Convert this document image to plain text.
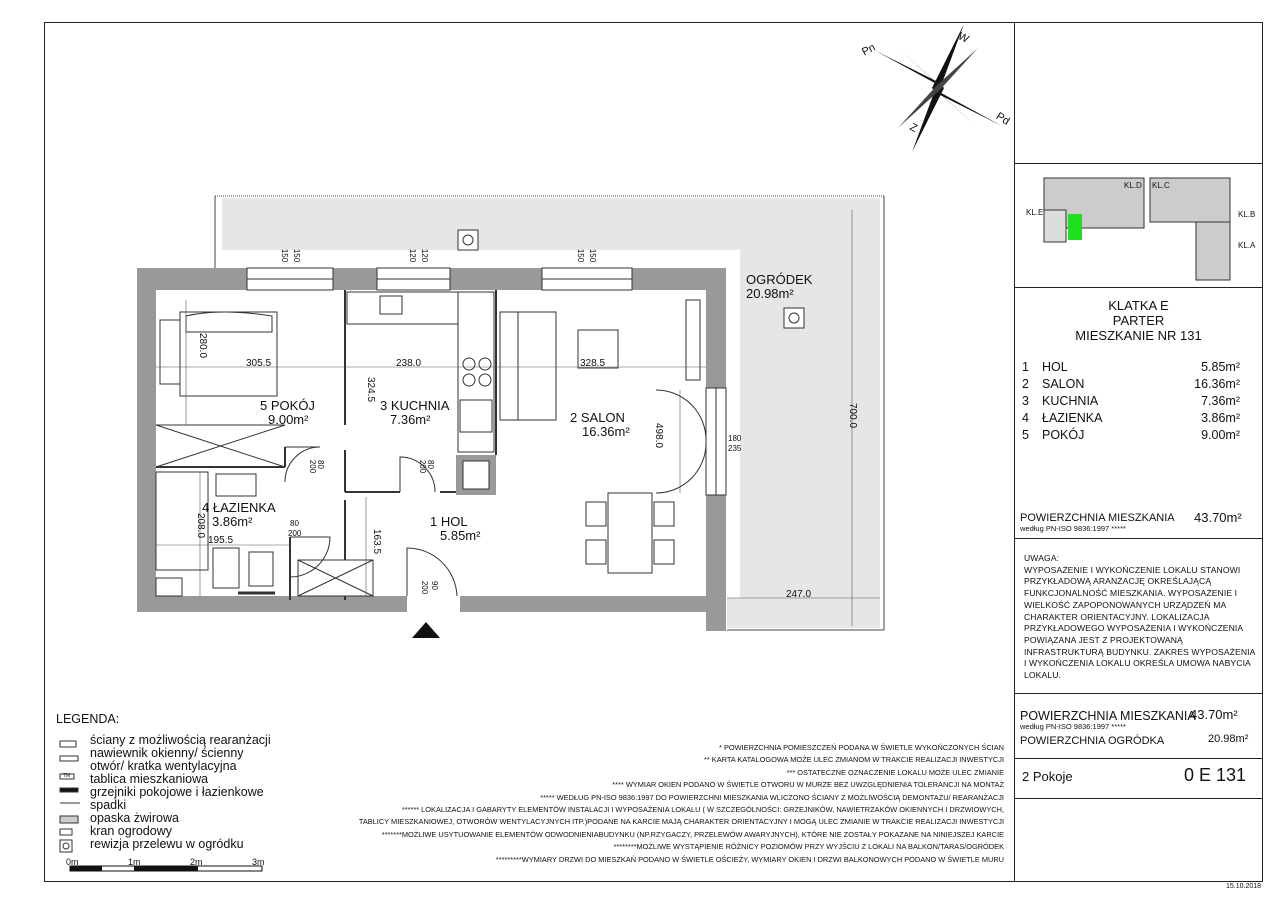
Pn
W
Pd
Z
5 POKÓJ
9.00m²
3 KUCHNIA
7.36m²	2 SALON
16.36m²
4 ŁAZIENKA
3.86m²	1 HOL
5.85m²
OGRÓDEK
20.98m²
305.5	238.0	328.5
280.0
324.5
498.0
700.0
247.0
208.0
195.5	163.5
150 150	120 120	150 150
80
200	80
200
80
200
90
200
180
235
KL.D KL.C
KL.E	KL.B
KL.A
KLATKA E
PARTER
MIESZKANIE NR 131
1	HOL	5.85m²
2	SALON	16.36m²
3	KUCHNIA	7.36m²
4	ŁAZIENKA	3.86m²
5	POKÓJ	9.00m²
POWIERZCHNIA MIESZKANIA
według PN-ISO 9836:1997 *****
43.70m²
UWAGA:
WYPOSAŻENIE I WYKOŃCZENIE LOKALU STANOWI
PRZYKŁADOWĄ ARANŻACJĘ OKREŚLAJĄCĄ
FUNKCJONALNOŚĆ MIESZKANIA. WYPOSAŻENIE I
WIELKOŚĆ ZAPOPONOWANYCH URZĄDZEŃ MA
CHARAKTER ORIENTACYJNY. LOKALIZACJA
PRZYKŁADOWEGO WYPOSAŻENIA I WYKOŃCZENIA
POWIĄZANA JEST Z PROJEKTOWANĄ
INFRASTRUKTURĄ BUDYNKU. ZAKRES WYPOSAŻENIA
I WYKOŃCZENIA LOKALU OKREŚLA UMOWA NABYCIA
LOKALU.
POWIERZCHNIA MIESZKANIA
43.70m²
według PN-ISO 9836:1997 *****
POWIERZCHNIA OGRÓDKA	20.98m²
2 Pokoje	0 E 131
15.10.2018
LEGENDA:
TM
ściany z możliwością rearanżacji
nawiewnik okienny/ ścienny
otwór/ kratka wentylacyjna
tablica mieszkaniowa
grzejniki pokojowe i łazienkowe
spadki
opaska żwirowa
kran ogrodowy
rewizja przelewu w ogródku
0m	1m	2m	3m
* POWIERZCHNIA POMIESZCZEŃ PODANA W ŚWIETLE WYKOŃCZONYCH ŚCIAN
** KARTA KATALOGOWA MOŻE ULEC ZMIANOM W TRAKCIE REALIZACJI INWESTYCJI
*** OSTATECZNE OZNACZENIE LOKALU MOŻE ULEC ZMIANIE
**** WYMIAR OKIEN PODANO W ŚWIETLE OTWORU W MURZE BEZ UWZGLĘDNIENIA TOLERANCJI NA MONTAŻ
***** WEDŁUG PN-ISO 9836:1997 DO POWIERZCHNI MIESZKANIA WLICZONO ŚCIANY Z MOŻLIWOŚCIĄ DEMONTAŻU/ REARANŻACJI
****** LOKALIZACJA I GABARYTY ELEMENTÓW INSTALACJI I WYPOSAŻENIA LOKALU ( W SZCZEGÓLNOŚCI: GRZEJNIKÓW, NAWIETRZAKÓW OKIENNYCH I DRZWIOWYCH,
TABLICY MIESZKANIOWEJ, OTWORÓW WENTYLACYJNYCH ITP.)PODANE NA KARCIE MAJĄ CHARAKTER ORIENTACYJNY I MOGĄ ULEC ZMIANIE W TRAKCIE REALIZACJI INWESTYCJI
*******MOŻLIWE USYTUOWANIE ELEMENTÓW ODWODNIENIABUDYNKU (NP.RZYGACZY, PRZELEWÓW AWARYJNYCH), KTÓRE NIE ZOSTAŁY POKAZANE NA NINIEJSZEJ KARCIE
********MOŻLIWE WYSTĄPIENIE RÓŻNICY POZIOMÓW PRZY WYJŚCIU Z LOKALI NA BALKON/TARAS/OGRÓDEK
*********WYMIARY DRZWI DO MIESZKAŃ PODANO W ŚWIETLE OŚCIEŻY, WYMIARY OKIEN I DRZWI BALKONOWYCH PODANO W ŚWIETLE MURU
